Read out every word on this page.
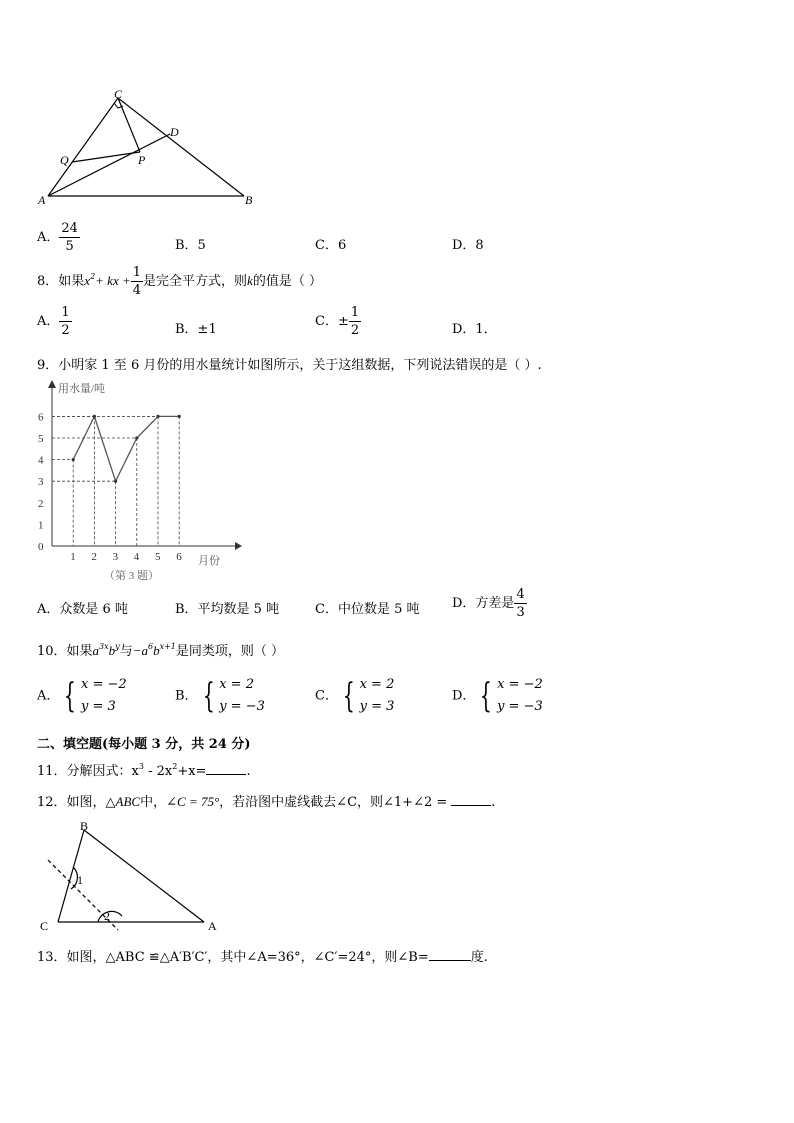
C
D
Q	P
A	B
A． $\frac{24}{5}$	B．5	C．6	D．8
8．如果$x^2+$ kx + $\frac{1}{4}$ 是完全平方式，则k的值是（ ）
A． $\frac{1}{2}$	B．±1
C．± $\frac{1}{2}$	D．1．
9．小明家 1 至 6 月份的用水量统计如图所示，关于这组数据，下列说法错误的是（ ）.
用水量/吨
月份
0
1
2
3
4
5
6
1 2 3 4 5 6
（第 3 题）
A．众数是 6 吨	B．平均数是 5 吨	C．中位数是 5 吨	D．方差是 $\frac{4}{3}$
10．如果$a^{3x}b^y$与$-a^6b^{x+1}$是同类项，则（ ）
A． { x = −2
y = 3
B． { x = 2
y = −3
C． { x = 2
y = 3
D． { x = −2
y = −3
二、填空题(每小题 3 分，共 24 分)
11．分解因式：$x^3 - 2x^2+x=$	.
12．如图，△ABC中，∠C = 75°，若沿图中虚线截去∠C，则∠1+∠2 =	.
B
C	A
1
2
13．如图，△ABC ≌△A′B′C′，其中∠A=36°，∠C′=24°，则∠B=	度.
